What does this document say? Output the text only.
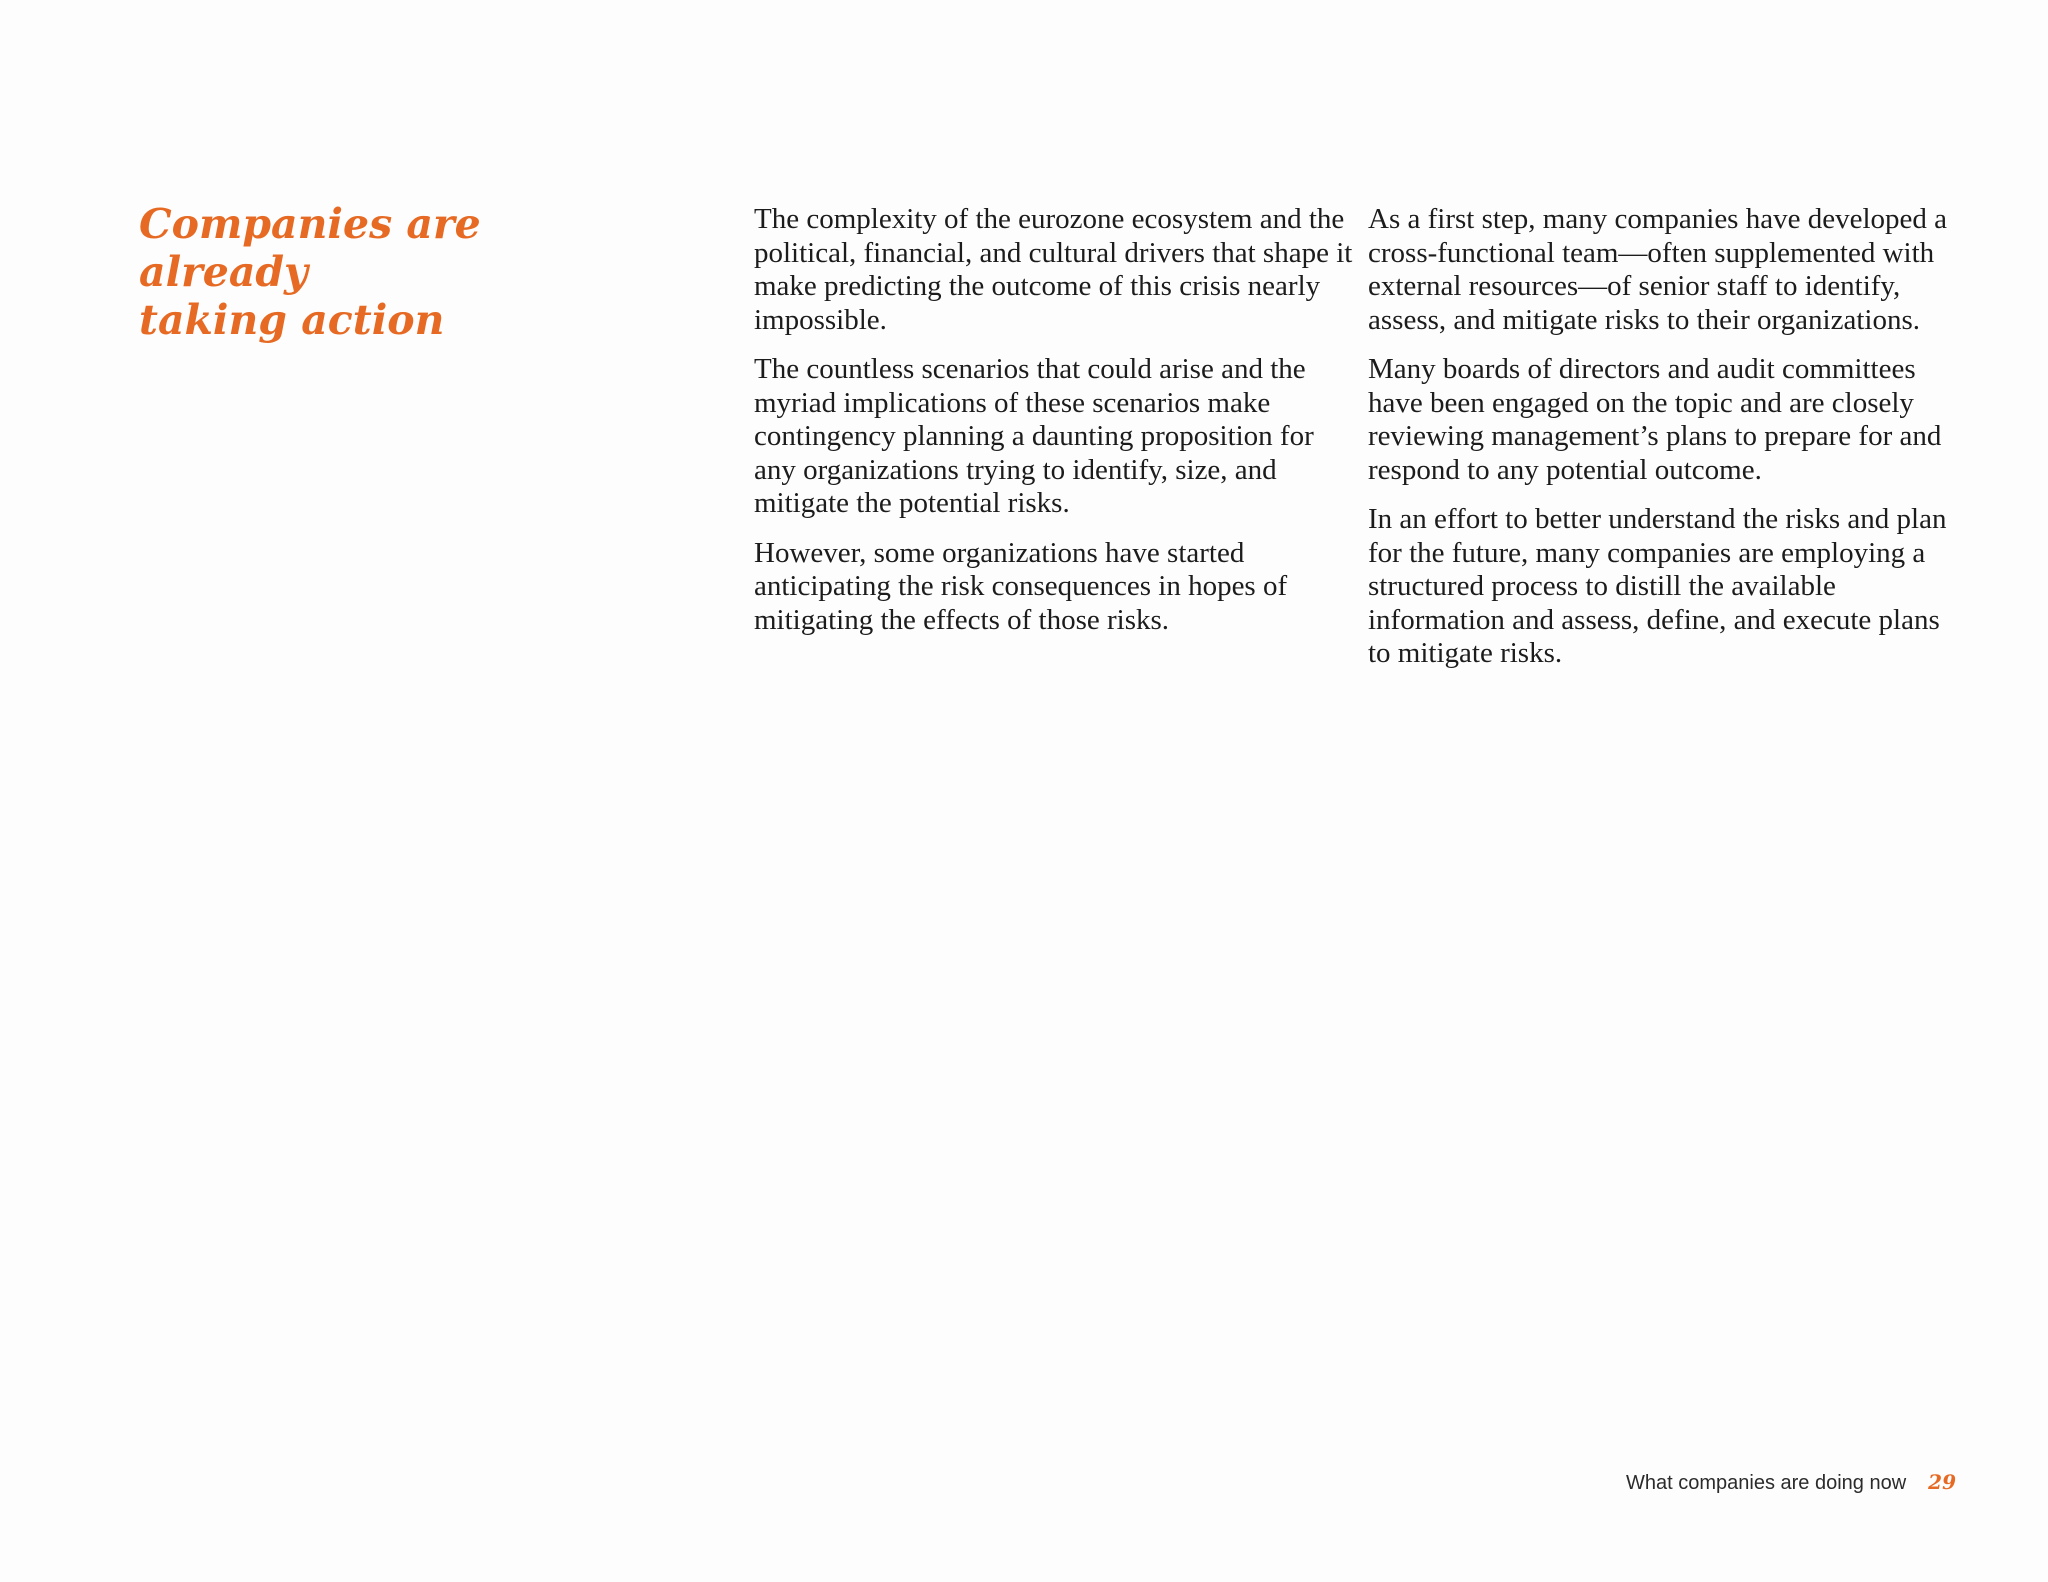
Companies are already
taking action

The complexity of the eurozone ecosystem and the political, financial, and cultural drivers that shape it make predicting the outcome of this crisis nearly impossible.

The countless scenarios that could arise and the myriad implications of these scenarios make contingency planning a daunting proposition for any organizations trying to identify, size, and mitigate the potential risks.

However, some organizations have started anticipating the risk consequences in hopes of mitigating the effects of those risks.

As a first step, many companies have developed a cross-functional team—often supplemented with external resources—of senior staff to identify, assess, and mitigate risks to their organizations.

Many boards of directors and audit committees have been engaged on the topic and are closely reviewing management’s plans to prepare for and respond to any potential outcome.

In an effort to better understand the risks and plan for the future, many companies are employing a structured process to distill the available information and assess, define, and execute plans to mitigate risks.

What companies are doing now 29
